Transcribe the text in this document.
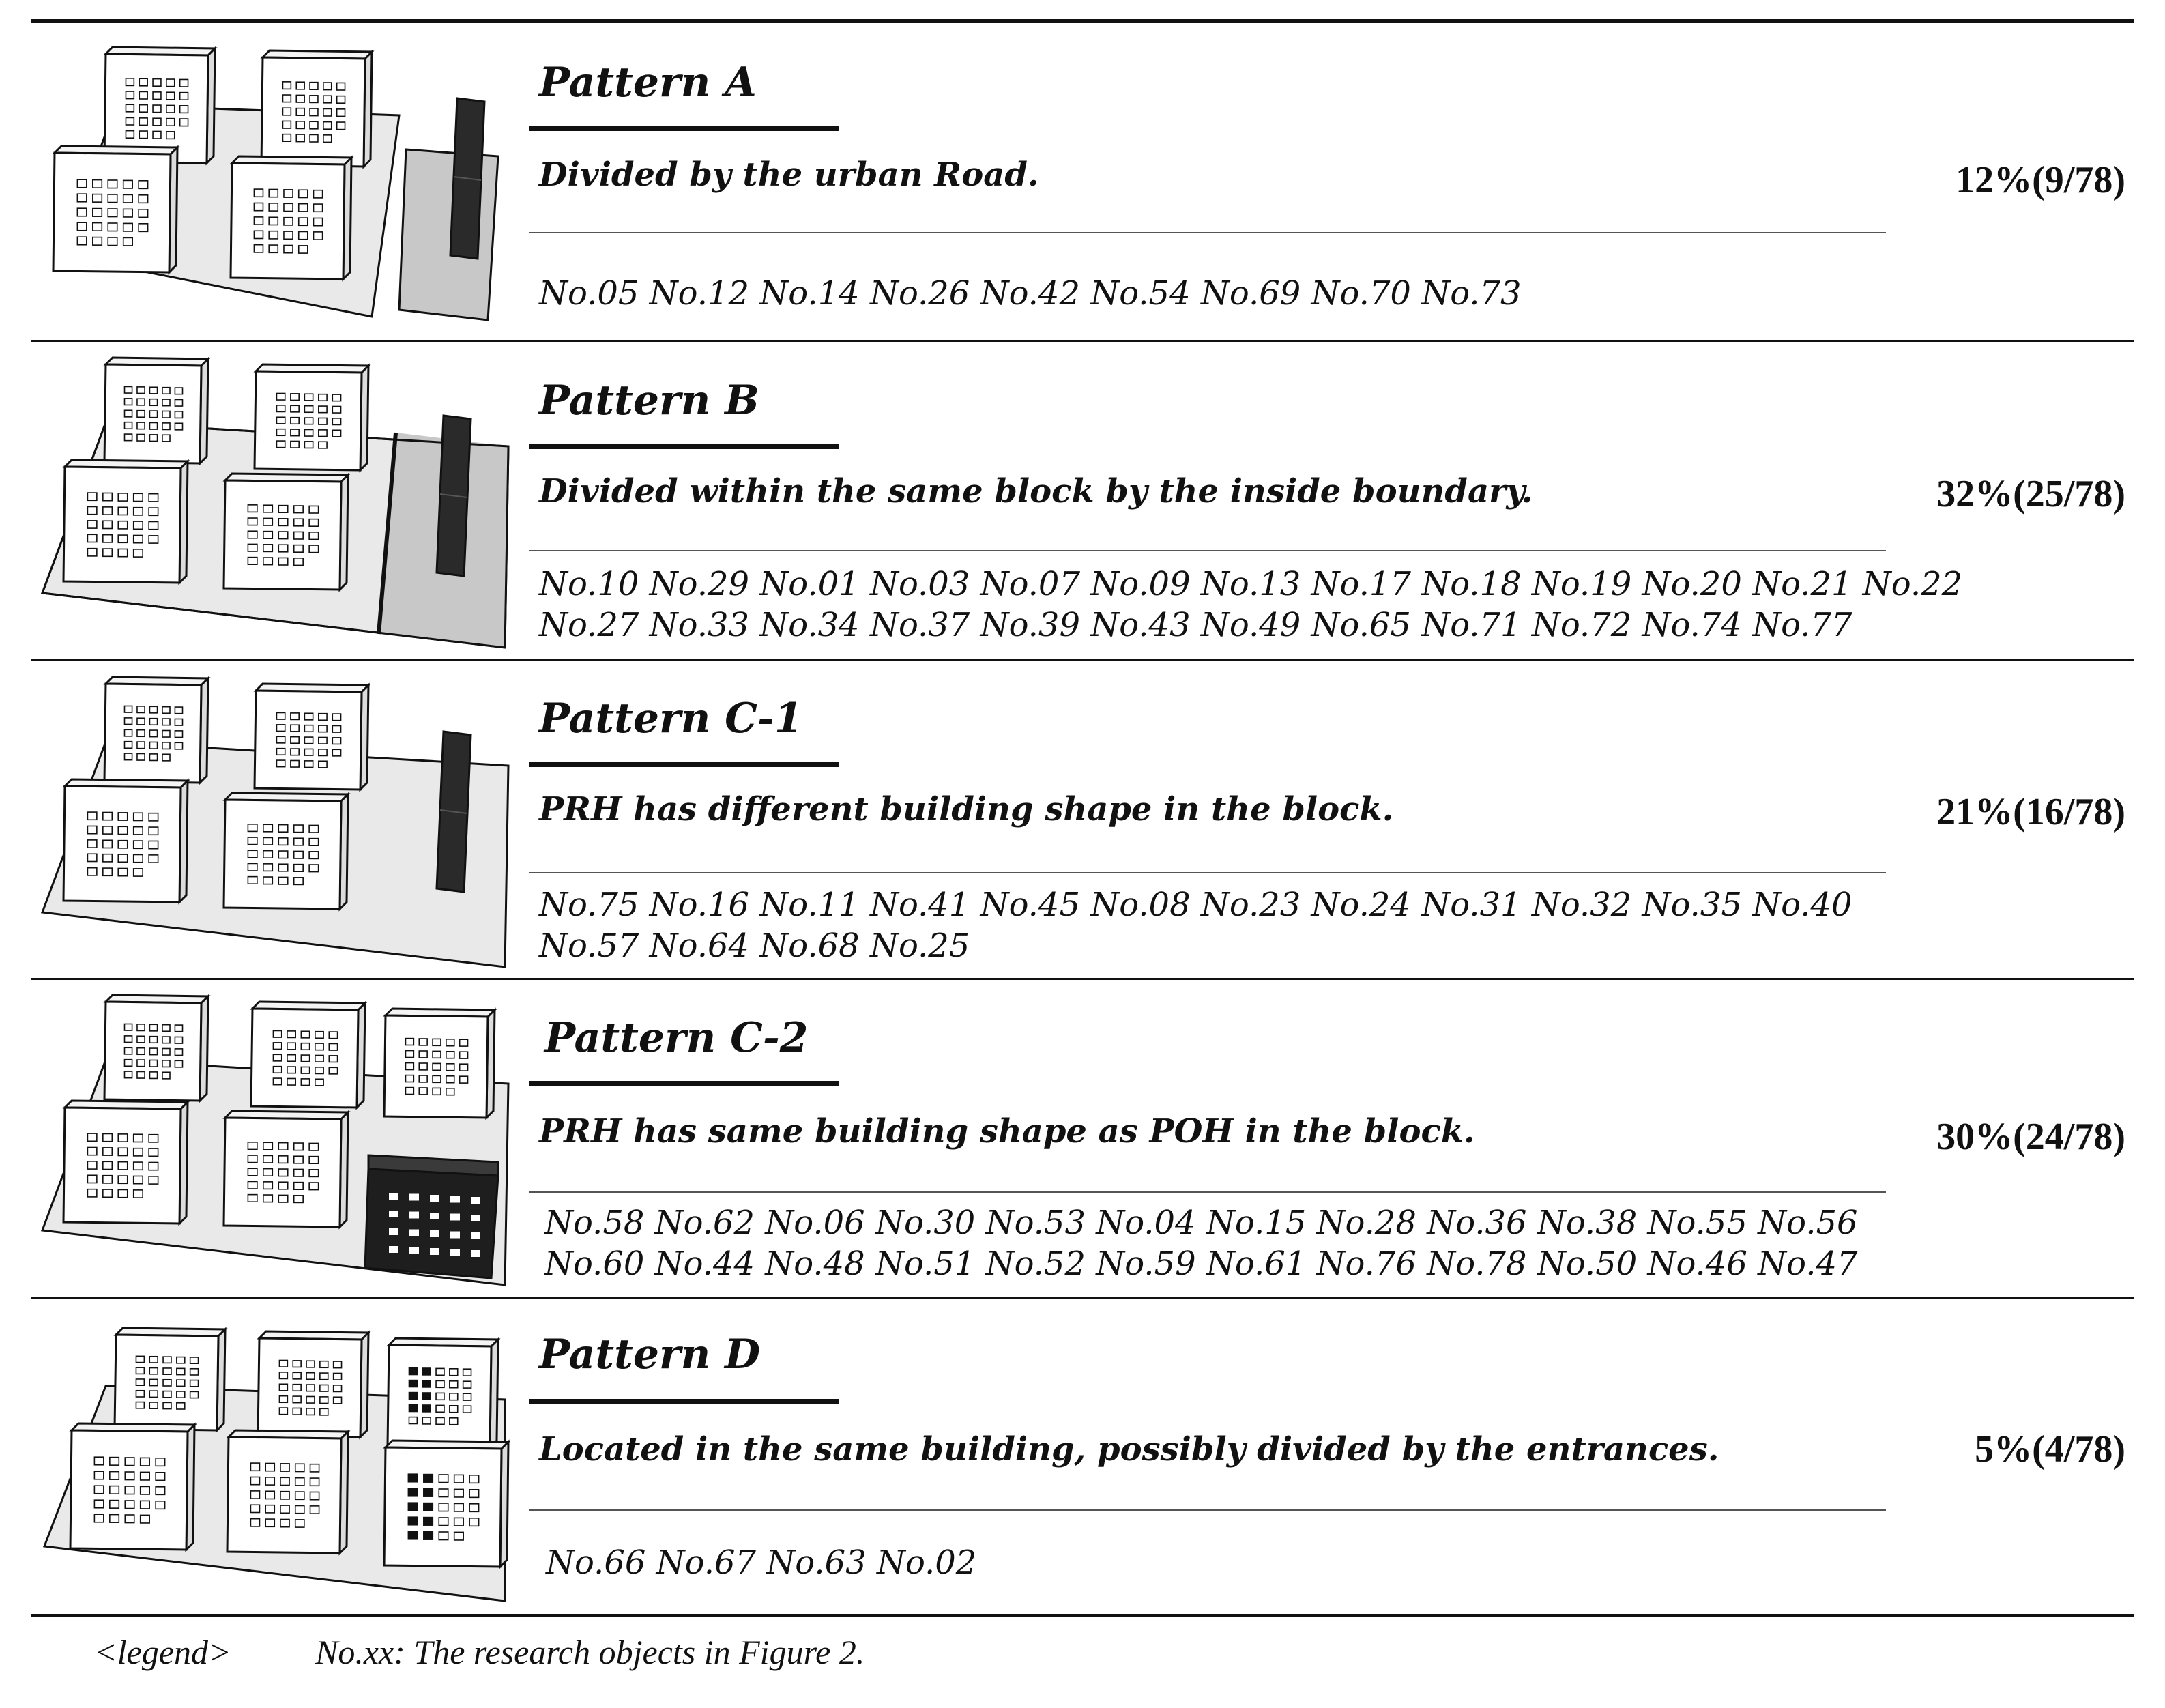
Pattern A
Divided by the urban Road.
No.05 No.12 No.14 No.26 No.42 No.54 No.69 No.70 No.73
12%(9/78)
Pattern B
Divided within the same block by the inside boundary.
No.10 No.29 No.01 No.03 No.07 No.09 No.13 No.17 No.18 No.19 No.20 No.21 No.22
No.27 No.33 No.34 No.37 No.39 No.43 No.49 No.65 No.71 No.72 No.74 No.77
32%(25/78)
Pattern C-1
PRH has different building shape in the block.
No.75 No.16 No.11 No.41 No.45 No.08 No.23 No.24 No.31 No.32 No.35 No.40
No.57 No.64 No.68 No.25
21%(16/78)
Pattern C-2
PRH has same building shape as POH in the block.
No.58 No.62 No.06 No.30 No.53 No.04 No.15 No.28 No.36 No.38 No.55 No.56
No.60 No.44 No.48 No.51 No.52 No.59 No.61 No.76 No.78 No.50 No.46 No.47
30%(24/78)
Pattern D
Located in the same building, possibly divided by the entrances.
No.66 No.67 No.63 No.02
5%(4/78)
<legend> No.xx: The research objects in Figure 2.
